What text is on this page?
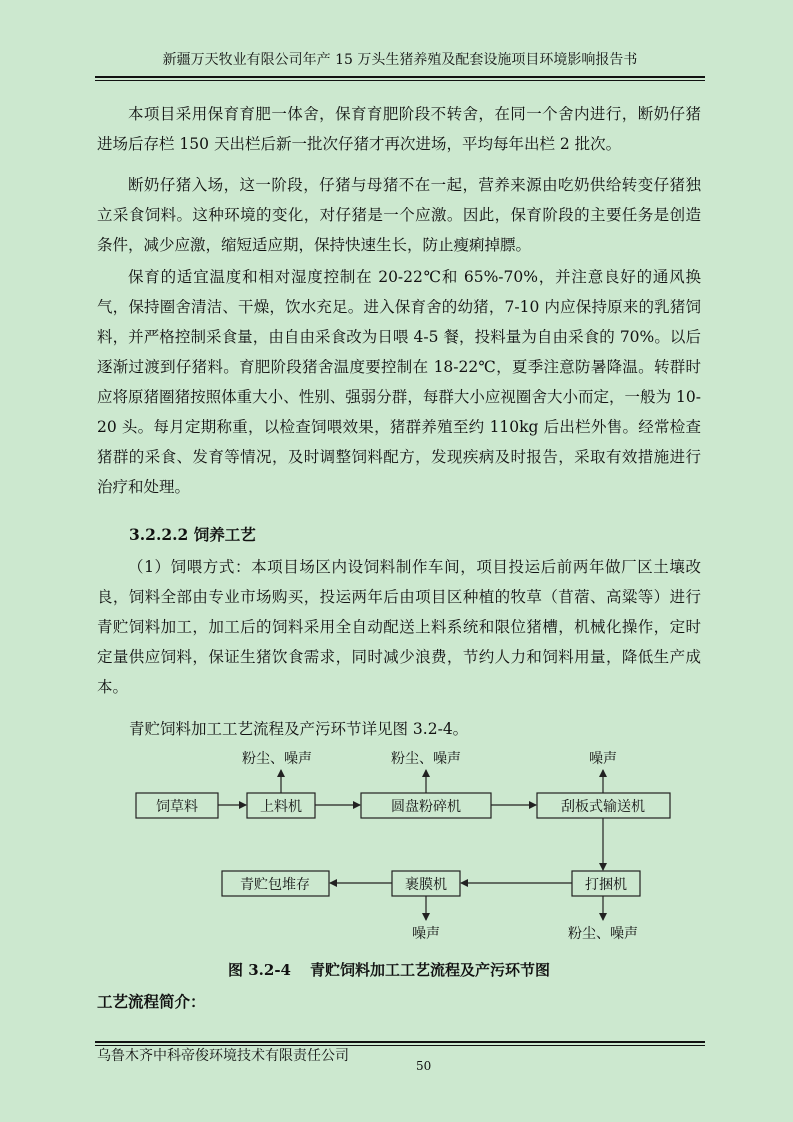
新疆万天牧业有限公司年产 15 万头生猪养殖及配套设施项目环境影响报告书

本项目采用保育育肥一体舍，保育育肥阶段不转舍，在同一个舍内进行，断奶仔猪进场后存栏 150 天出栏后新一批次仔猪才再次进场，平均每年出栏 2 批次。

断奶仔猪入场，这一阶段，仔猪与母猪不在一起，营养来源由吃奶供给转变仔猪独立采食饲料。这种环境的变化，对仔猪是一个应激。因此，保育阶段的主要任务是创造条件，减少应激，缩短适应期，保持快速生长，防止瘦痢掉膘。

保育的适宜温度和相对湿度控制在 20-22℃和 65%-70%，并注意良好的通风换气，保持圈舍清洁、干燥，饮水充足。进入保育舍的幼猪，7-10 内应保持原来的乳猪饲料，并严格控制采食量，由自由采食改为日喂 4-5 餐，投料量为自由采食的 70%。以后逐渐过渡到仔猪料。育肥阶段猪舍温度要控制在 18-22℃，夏季注意防暑降温。转群时应将原猪圈猪按照体重大小、性别、强弱分群，每群大小应视圈舍大小而定，一般为 10-20 头。每月定期称重，以检查饲喂效果，猪群养殖至约 110kg 后出栏外售。经常检查猪群的采食、发育等情况，及时调整饲料配方，发现疾病及时报告，采取有效措施进行治疗和处理。

3.2.2.2 饲养工艺

（1）饲喂方式：本项目场区内设饲料制作车间，项目投运后前两年做厂区土壤改良，饲料全部由专业市场购买，投运两年后由项目区种植的牧草（苜蓿、高粱等）进行青贮饲料加工，加工后的饲料采用全自动配送上料系统和限位猪槽，机械化操作，定时定量供应饲料，保证生猪饮食需求，同时减少浪费，节约人力和饲料用量，降低生产成本。

青贮饲料加工工艺流程及产污环节详见图 3.2-4。
饲草料	上料机	圆盘粉碎机	刮板式输送机
打捆机
裹膜机
青贮包堆存
粉尘、噪声	粉尘、噪声	噪声
噪声	粉尘、噪声
图 3.2-4 青贮饲料加工工艺流程及产污环节图
工艺流程简介：
乌鲁木齐中科帝俊环境技术有限责任公司
50
